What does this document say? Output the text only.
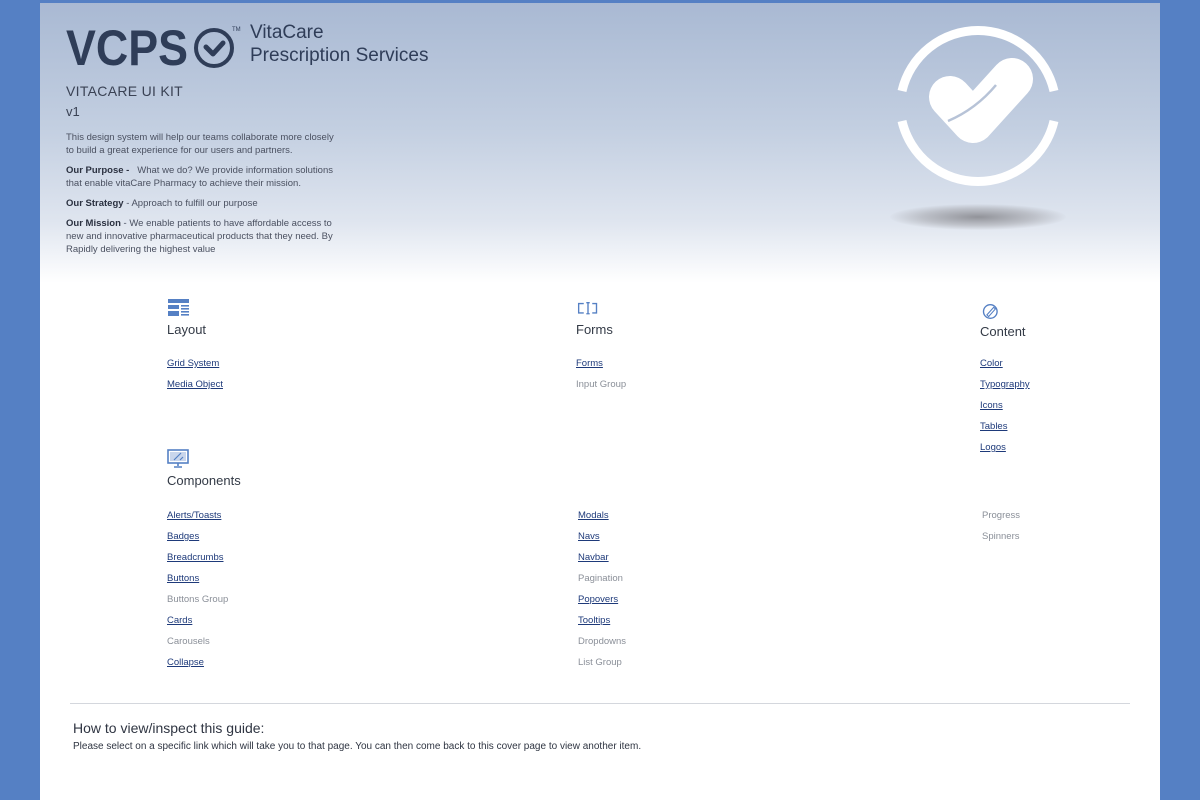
VCPS	TM VitaCare
Prescription Services
VITACARE UI KIT
v1

This design system will help our teams collaborate more closely to build a great experience for our users and partners.

Our Purpose - What we do? We provide information solutions that enable vitaCare Pharmacy to achieve their mission.

Our Strategy - Approach to fulfill our purpose

Our Mission - We enable patients to have affordable access to new and innovative pharmaceutical products that they need. By Rapidly delivering the highest value

Layout
Grid System
Media Object
Forms
Forms
Input Group
Content
Color
Typography
Icons
Tables
Logos
Components
Alerts/Toasts
Badges
Breadcrumbs
Buttons
Buttons Group
Cards
Carousels
Collapse
Modals
Navs
Navbar
Pagination
Popovers
Tooltips
Dropdowns
List Group
Progress
Spinners
How to view/inspect this guide:
Please select on a specific link which will take you to that page. You can then come back to this cover page to view another item.
